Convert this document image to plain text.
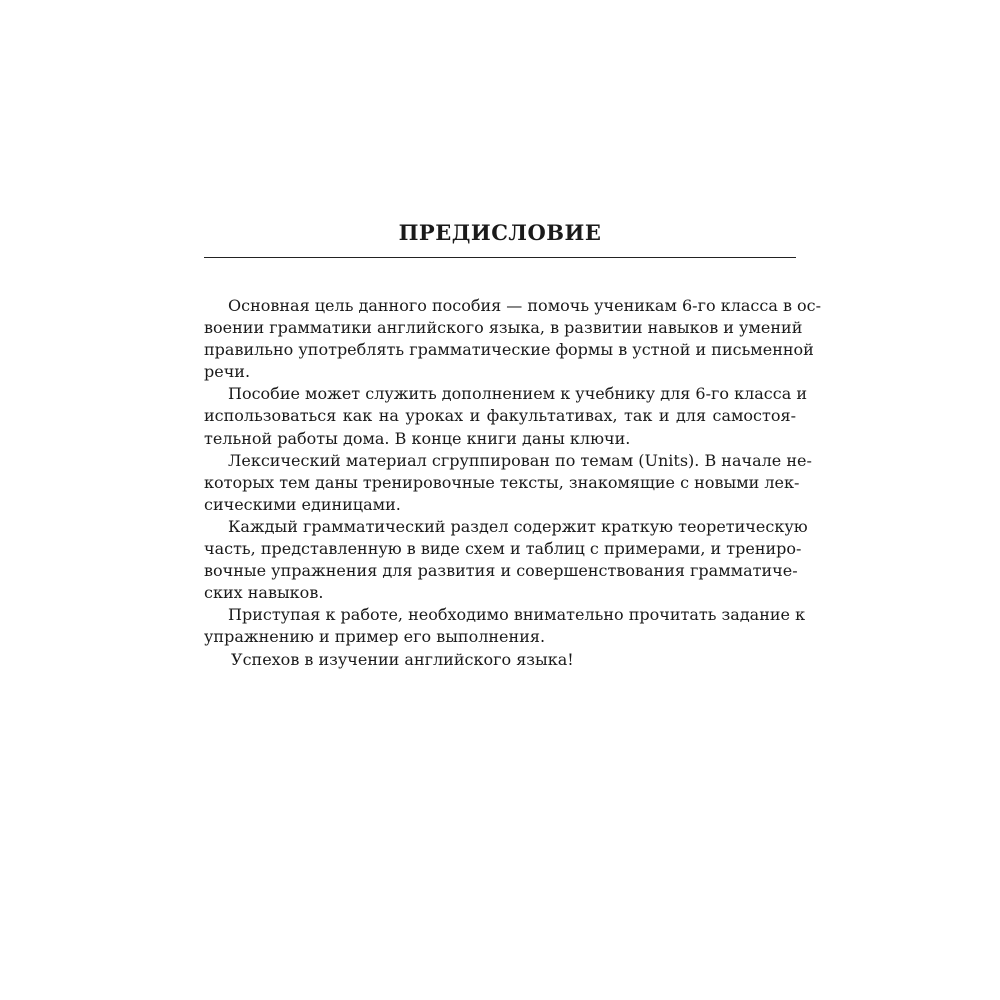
ПРЕДИСЛОВИЕ
Основная цель данного пособия — помочь ученикам 6-го класса в ос-
воении грамматики английского языка, в развитии навыков и умений
правильно употреблять грамматические формы в устной и письменной
речи.
Пособие может служить дополнением к учебнику для 6-го класса и
использоваться как на уроках и факультативах, так и для самостоя-
тельной работы дома. В конце книги даны ключи.
Лексический материал сгруппирован по темам (Units). В начале не-
которых тем даны тренировочные тексты, знакомящие с новыми лек-
сическими единицами.
Каждый грамматический раздел содержит краткую теоретическую
часть, представленную в виде схем и таблиц с примерами, и трениро-
вочные упражнения для развития и совершенствования грамматиче-
ских навыков.
Приступая к работе, необходимо внимательно прочитать задание к
упражнению и пример его выполнения.
Успехов в изучении английского языка!
